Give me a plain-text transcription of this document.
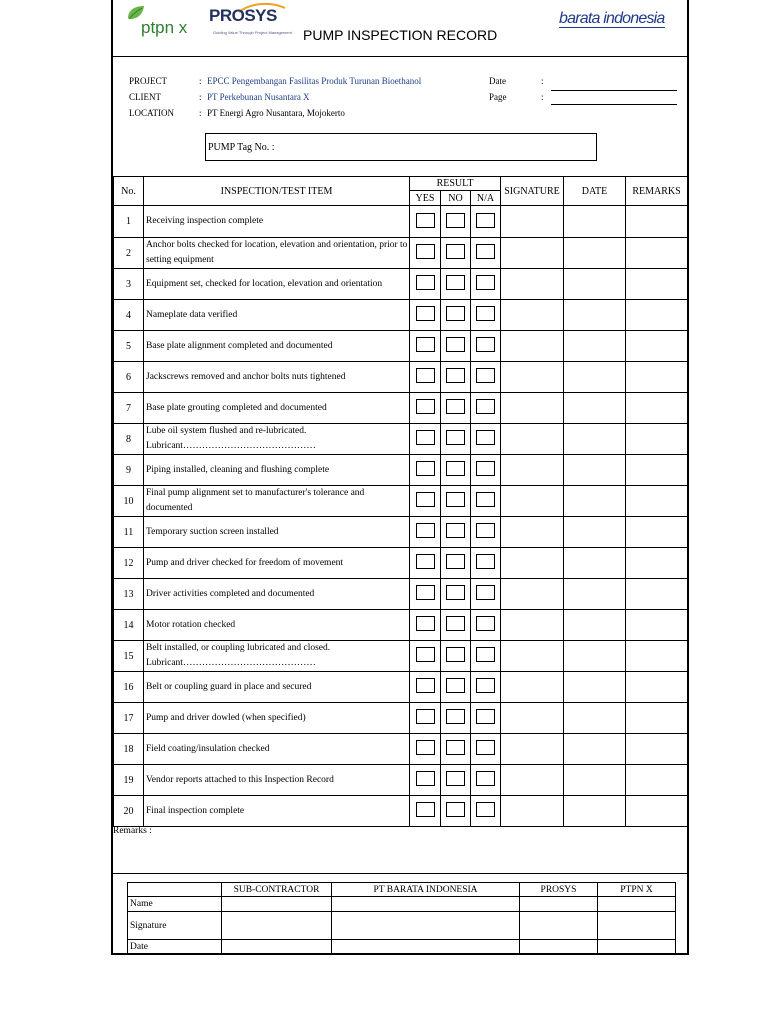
ptpn x
PROSYS
Guiding Value Through Project Management PUMP INSPECTION RECORD
barata indonesia
PROJECT	: EPCC Pengembangan Fasilitas Produk Turunan Bioethanol
CLIENT	: PT Perkebunan Nusantara X
LOCATION	: PT Energi Agro Nusantara, Mojokerto
Date	:
Page	:
PUMP Tag No. :
No.	INSPECTION/TEST ITEM	RESULT			SIGNATURE	DATE	REMARKS
		YES	NO	N/A			
1	Receiving inspection complete						
2	Anchor bolts checked for location, elevation and orientation, prior to setting equipment						
3	Equipment set, checked for location, elevation and orientation						
4	Nameplate data verified						
5	Base plate alignment completed and documented						
6	Jackscrews removed and anchor bolts nuts tightened						
7	Base plate grouting completed and documented						
8	Lube oil system flushed and re-lubricated.
Lubricant……………………………………						
9	Piping installed, cleaning and flushing complete						
10	Final pump alignment set to manufacturer's tolerance and documented						
11	Temporary suction screen installed						
12	Pump and driver checked for freedom of movement						
13	Driver activities completed and documented						
14	Motor rotation checked						
15	Belt installed, or coupling lubricated and closed.
Lubricant……………………………………						
16	Belt or coupling guard in place and secured						
17	Pump and driver dowled (when specified)						
18	Field coating/insulation checked						
19	Vendor reports attached to this Inspection Record						
20	Final inspection complete						
Remarks :
	SUB-CONTRACTOR	PT BARATA INDONESIA	PROSYS	PTPN X
Name				
Signature				
Date				
